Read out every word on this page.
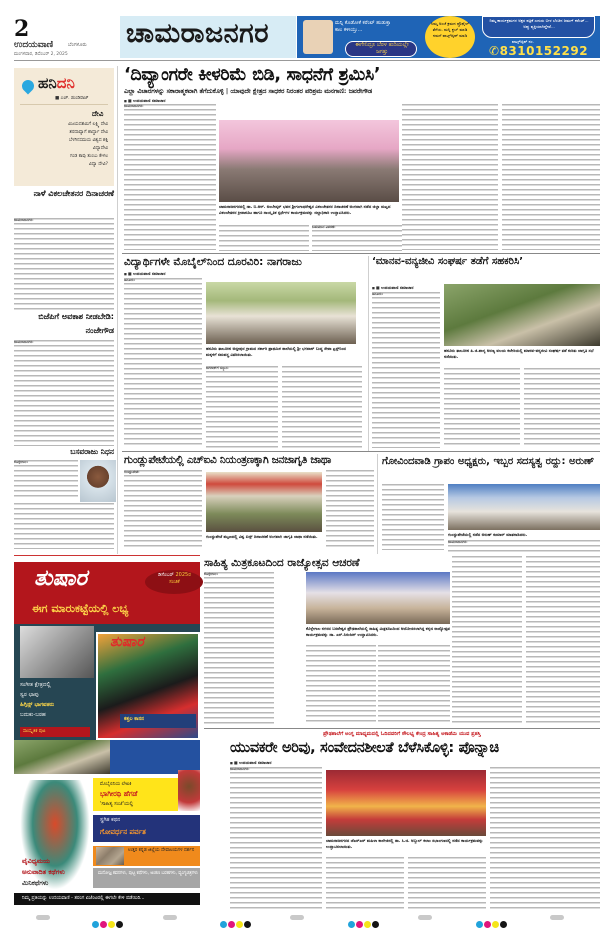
2
ಉದಯವಾಣಿ	ಬೆಂಗಳೂರು
ಮಂಗಳವಾರ, ಡಿಸೆಂಬರ್ 2, 2025
ಚಾಮರಾಜನಗರ	ಮನ್ನಿ ಕೊಡೋಕೆ ಕರೆಂಟ್ ಹುಡುಕ್ತಾ ಕಾಲ ಕಳೀಯ್ತು...
ಈಗೇನಿದ್ರೂ ಬೆರಳ ತುದಿಯಲ್ಲೇ ಜಗತ್ತು
ನಿಮ್ಮ ಅಂಚೆ ಕ್ರಮದ ಪ್ರೊಫೈಲ್ ತೆಗೆಯ. ಮನ್ನಿ ಕ್ಲಬ್ ಮಾಡಿ ನಮಗೆ ವಾಟ್ಸ್‌ಆ್ಯಪ್ ಮಾಡಿ
ನಿಮ್ಮ ಕಾರ್ಯಕ್ರಮಗಳ ಅಕ್ಷರ ಪತ್ರಿಕೆ ಎದುರು ಬೀಳ ಬೆಂಚಿನ ಜಮಗ್ ಕರೆಂಟ್... ಅಪ್ಪು ವ್ಯಕ್ತಿಯಾಗಿದ್ದೇವೆ...
ವಾಟ್ಸ್‌ಆ್ಯಪ್ ನಂ.
✆8310152292
ಹನಿದನಿ
■ ಎಚ್. ಡುಂಡಿರಾಜ್
ದೇವಿ
ವಿಜಯದಶಮಿಗೆ ಲಕ್ಷ್ಮಿ ದೇವಿ
ಶರದಾವ್ಯಾಗೆ ಶಾರ್ದ್ದಾ ದೇವಿ
ಬೆಳಗಿನಸಮಯ ವಿಶ್ವದ ಶಕ್ತಿ
ವಿದ್ಯಾದೇವಿ
ಗಂಡ ಕಾವು ತುಂಬು ಕೇಳಲ
ವಿದ್ಯಾ ದೇವಿ?
ನಾಳೆ ವಿಕಲಚೇತನರ ದಿನಾಚರಣೆ
ಚಾಮರಾಜನಗರ:
ಬಿಜೆಪಿಗೆ ಅವಕಾಶ ನೀಡಬೇಡಿ: ನಂಜೇಗೌಡ
ಚಾಮರಾಜನಗರ:
ಬಸವರಾಜು ನಿಧನ
ಕೊಳ್ಳೇಗಾಲ:
‘ದಿವ್ಯಾಂಗರೇ ಕೀಳರಿಮೆ ಬಿಡಿ, ಸಾಧನೆಗೆ ಶ್ರಮಿಸಿ’
ಎಲ್ಲಾ ವಿಚಾರಗಳನ್ನು ಸಕಾರಾತ್ಮಕವಾಗಿ ತೆಗೆದುಕೊಳ್ಳಿ | ಯಾವುದೇ ಕ್ಷೇತ್ರದ ಸಾಧಕರ ನಿರಂತರ ಪರಿಶ್ರಮ ಮನಗಾಣಿ: ಜವರೇಗೌಡ
■ ■ ಉದಯವಾಣಿ ಸಮಾಚಾರ
ಚಾಮರಾಜನಗರ:
ಚಾಮರಾಜನಗರದಲ್ಲಿ ಡಾ. ಬಿ.ಆರ್. ಅಂಬೇಡ್ಕರ್ ಭವನ ಶ್ರೀಗಂಗಾಧರೇಶ್ವರ ವಿಕಲಚೇತನರ ದಿನಾಚರಣೆ ಅಂಗವಾಗಿ ನಡೆದ ಜಿಲ್ಲಾ ಮಟ್ಟದ ವಿಕಲಚೇತನರ ಕ್ರೀಡಾಕೂಟ ಹಾಗೂ ಸಾಂಸ್ಕೃತಿಕ ಸ್ಪರ್ಧೆಗಳ ಕಾರ್ಯಕ್ರಮವನ್ನು ಜಿಲ್ಲಾಧಿಕಾರಿ ಉದ್ಘಾಟಿಸಿದರು.
ಬಹುಮಾನ ವಿತರಣೆ:
ವಿದ್ಯಾರ್ಥಿಗಳೇ ಮೊಬೈಲ್‌ನಿಂದ ದೂರವಿರಿ: ನಾಗರಾಜು
■ ■ ಉದಯವಾಣಿ ಸಮಾಚಾರ
ಹನೂರು:
ಹನೂರು ತಾಲೂಕಿನ ಅಜ್ಜೀಪುರ ಗ್ರಾಮದ ಸರ್ಕಾರಿ ಪ್ರಾಥಮಿಕ ಶಾಲೆಯಲ್ಲಿ ಶ್ರೀ ಭಗವಾನ್ ಬುದ್ಧ ಸೇವಾ ಟ್ರಸ್ಟ್‌ನಿಂದ ಮಕ್ಕಳಿಗೆ ಸಮವಸ್ತ್ರ ವಿತರಿಸಲಾಯಿತು.
ಜಗದೀಶ್‌ಗೆ ಸನ್ಮಾನ:
‘ಮಾನವ-ವನ್ಯಜೀವಿ ಸಂಘರ್ಷ ತಡೆಗೆ ಸಹಕರಿಸಿ’
■ ■ ಉದಯವಾಣಿ ಸಮಾಚಾರ
ಹನೂರು:
ಹನೂರು ತಾಲೂಕಿನ ಪಿ.ಜಿ.ಪಾಳ್ಯ ಅರಣ್ಯ ವಲಯ ಕಚೇರಿಯಲ್ಲಿ ಮಾನವ-ವನ್ಯಜೀವಿ ಸಂಘರ್ಷ ತಡೆ ಕುರಿತು ಜಾಗೃತಿ ಸಭೆ ನಡೆಯಿತು.
ಗುಂಡ್ಲುಪೇಟೆಯಲ್ಲಿ ಎಚ್‌ಐವಿ ನಿಯಂತ್ರಣಕ್ಕಾಗಿ ಜನಜಾಗೃತಿ ಜಾಥಾ
ಗುಂಡ್ಲುಪೇಟೆ:
ಗುಂಡ್ಲುಪೇಟೆ ಪಟ್ಟಣದಲ್ಲಿ ವಿಶ್ವ ಏಡ್ಸ್ ದಿನಾಚರಣೆ ಅಂಗವಾಗಿ ಜಾಗೃತಿ ಜಾಥಾ ನಡೆಯಿತು.
ಗೋವಿಂದವಾಡಿ ಗ್ರಾಪಂ ಅಧ್ಯಕ್ಷರು, ಇಬ್ಬರ ಸದಸ್ಯತ್ವ ರದ್ದು: ಅರುಣ್
ಗುಂಡ್ಲುಪೇಟೆಯಲ್ಲಿ ನಡೆದ ಅರುಣ್ ಕುಮಾರ್ ಮಾತನಾಡಿದರು.
ಚಾಮರಾಜನಗರ:
ತುಷಾರ	ಡಿಸೆಂಬರ್ 2025ರ
ಸಂಚಿಕೆ
ಈಗ ಮಾರುಕಟ್ಟೆಯಲ್ಲಿ ಲಭ್ಯ
ತುಷಾರ
ಕತ್ತಲ ಕಾನನ
ಸಂಗೀತ ಕ್ಷೇತ್ರದಲ್ಲಿ
ಸ್ವರ ಛಾಪು
ಹಿಗ್ಗಿನ್ಸ್ ಭಾಗವತರು
ಬದುಕು-ಬರಹ
ಸಾಂಸ್ಕೃತಿಕ ಪುಟ
ಮೊಬೈಲಿನಿಯ ಲೇಖಕಿ
ಭಾಗೀರಥಿ ಹೆಗಡೆ
'ಸಾಹಿತ್ಯ ಸಂಜೆ'ಯಲ್ಲಿ
ಸ್ಥಗಿತ ಕಥನ
ಗೋವರ್ಧನ ಪರ್ವತ
ಉತ್ತರ ಕನ್ನಡ ಜಿಲ್ಲೆಯ ದೇವಾಲಯಗಳ ದರ್ಶನ
ಮನೋಜ್ಞ ಕವನಗಳು, ಪುಟ್ಟ ಕಥೆಗಳು, ಅಂಕಣ ಬರಹಗಳು, ವ್ಯಂಗ್ಯಚಿತ್ರಗಳು
ವೈವಿಧ್ಯಮಯ
ಅನುವಾದಿತ ಕಥೆಗಳು
ಮಿನಿಕಥೆಗಳು
ನಿಮ್ಮ ಪ್ರತಿಯನ್ನು ಉದಯವಾಣಿ - ತರಂಗ ಏಜೆಂಟರಲ್ಲಿ ಈಗಲೇ ಕೇಳಿ ಪಡೆಯಿರಿ...
ಸಾಹಿತ್ಯ ಮಿತ್ರಕೂಟದಿಂದ ರಾಜ್ಯೋತ್ಸವ ಆಚರಣೆ
ಕೊಳ್ಳೇಗಾಲ:
ಕೊಳ್ಳೇಗಾಲ ನಗರದ ಬಸವೇಶ್ವರ ಪ್ರೌಢಶಾಲೆಯಲ್ಲಿ ಸಾಹಿತ್ಯ ಮಿತ್ರಕೂಟದಿಂದ ಆಯೋಜಿಸಲಾಗಿದ್ದ ಕನ್ನಡ ರಾಜ್ಯೋತ್ಸವ ಕಾರ್ಯಕ್ರಮವನ್ನು ಡಾ. ಎಸ್.ನಿರಂಜನ್ ಉದ್ಘಾಟಿಸಿದರು.
ಪ್ರೌಢಶಾಲೆಗೆ ಅಂಗ್ಲ ಮಾಧ್ಯಮದಲ್ಲಿ ಓದಿದವರಿಗೆ ಸೌಲಭ್ಯ ಕೇಂದ್ರ ಸಾಹಿತ್ಯ ಅಕಾಡೆಮಿ ಯುವ ಪ್ರಶಸ್ತಿ
ಯುವಕರೇ ಅರಿವು, ಸಂವೇದನಶೀಲತೆ ಬೆಳೆಸಿಕೊಳ್ಳಿ: ಪೊನ್ನಾಚಿ
■ ■ ಉದಯವಾಣಿ ಸಮಾಚಾರ
ಚಾಮರಾಜನಗರ:
ಚಾಮರಾಜನಗರದ ಜೆಎಸ್‌ಎಸ್ ಮಹಿಳಾ ಕಾಲೇಜಿನಲ್ಲಿ ಡಾ. ಸಿ.ಜಿ. ಅಬ್ದುಲ್ ಕಲಾಂ ಸಭಾಂಗಣದಲ್ಲಿ ನಡೆದ ಕಾರ್ಯಕ್ರಮವನ್ನು ಉದ್ಘಾಟಿಸಲಾಯಿತು.
